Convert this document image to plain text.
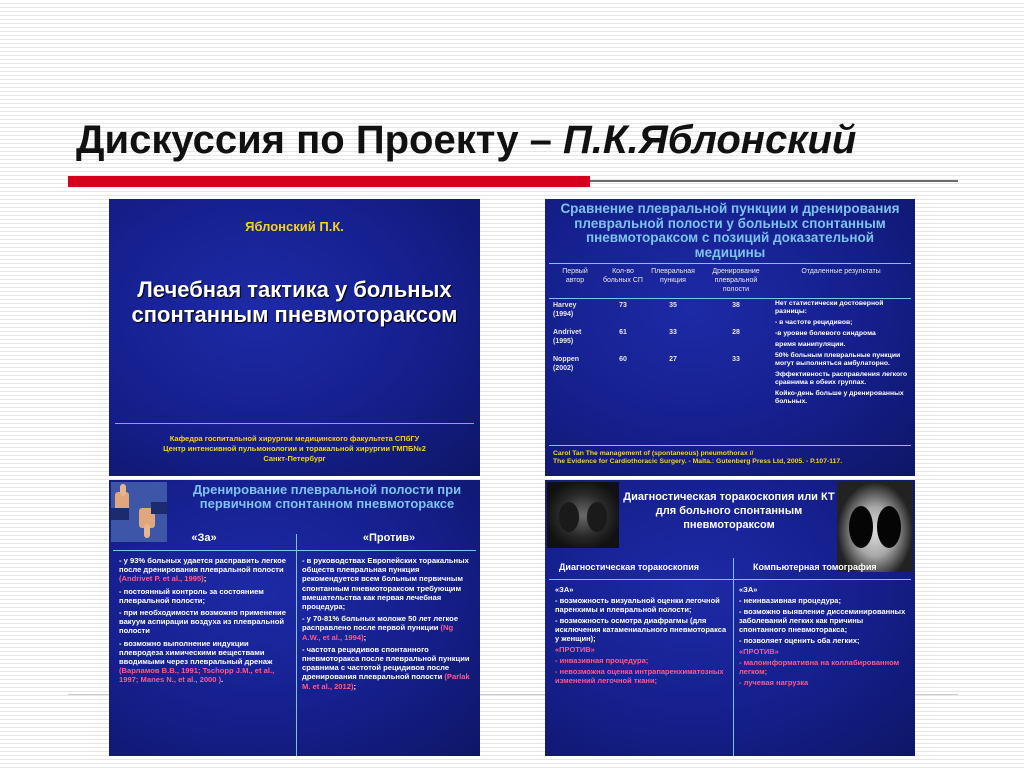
Дискуссия по Проекту – П.К.Яблонский
Яблонский П.К.
Лечебная тактика у больных спонтанным пневмотораксом
Кафедра госпитальной хирургии медицинского факультета СПбГУ
Центр интенсивной пульмонологии и торакальной хирургии ГМПБ№2
Санкт-Петербург
Сравнение плевральной пункции и дренирования плевральной полости у больных спонтанным пневмотораксом с позиций доказательной медицины
Первый автор	Кол-во больных СП	Плевральная пункция	Дренирование плевральной полости	Отдаленные результаты

Harvey (1994)	73	35	38	

Andrivet (1995)	61	33	28	

Noppen (2002)	60	27	33	
Нет статистически достоверной разницы:
- в частоте рецидивов;
-в уровне болевого синдрома
время манипуляции.
50% больным плевральные пункции могут выполняться амбулаторно.
Эффективность расправления легкого сравнима в обеих группах.
Койко-день больше у дренированных больных.
Carol Tan The management of (spontaneous) pneumothorax //
The Evidence for Cardiothoracic Surgery. - Malta.: Gutenberg Press Ltd, 2005. - P.107-117.
Дренирование плевральной полости при первичном спонтанном пневмотораксе
«За»	«Против»
- у 93% больных удается расправить легкое после дренирования плевральной полости (Andrivet P. et al., 1995);
- постоянный контроль за состоянием плевральной полости;
- при необходимости возможно применение вакуум аспирации воздуха из плевральной полости
- возможно выполнение индукции плевродеза химическими веществами вводимыми через плевральный дренаж (Варламов В.В., 1991; Tschopp J.M., et al., 1997; Manes N., et al., 2000 ).
- в руководствах Европейских торакальных обществ плевральная пункция рекомендуется всем больным первичным спонтанным пневмотораксом требующим вмешательства как первая лечебная процедура;
- у 70-81% больных моложе 50 лет легкое расправлено после первой пункции (Ng A.W., et al., 1994);
- частота рецидивов спонтанного пневмоторакса после плевральной пункции сравнима с частотой рецидивов после дренирования плевральной полости (Parlak M. et al., 2012);
Диагностическая торакоскопия или КТ для больного спонтанным пневмотораксом
Диагностическая торакоскопия	Компьютерная томография
«ЗА»
- возможность визуальной оценки легочной паренхимы и плевральной полости;
- возможность осмотра диафрагмы (для исключения катамениального пневмоторакса у женщин);
«ПРОТИВ»
- инвазивная процедура;
- невозможна оценка интрапаренхиматозных изменений легочной ткани;
«ЗА»
- неинвазивная процедура;
- возможно выявление диссеминированных заболеваний легких как причины спонтанного пневмоторакса;
- позволяет оценить оба легких;
«ПРОТИВ»
- малоинформативна на коллабированном легком;
- лучевая нагрузка
